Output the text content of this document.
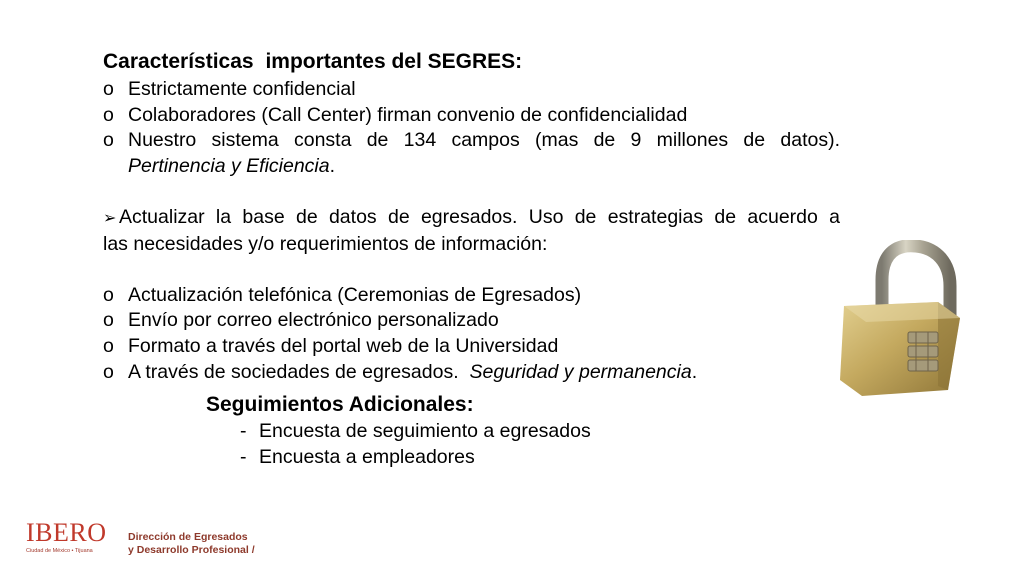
Características importantes del SEGRES:
o Estrictamente confidencial
o Colaboradores (Call Center) firman convenio de confidencialidad
o Nuestro sistema consta de 134 campos (mas de 9 millones de datos).
Pertinencia y Eficiencia.
➢ Actualizar la base de datos de egresados. Uso de estrategias de acuerdo a
las necesidades y/o requerimientos de información:
o Actualización telefónica (Ceremonias de Egresados)
o Envío por correo electrónico personalizado
o Formato a través del portal web de la Universidad
o A través de sociedades de egresados. Seguridad y permanencia.
Seguimientos Adicionales:
- Encuesta de seguimiento a egresados
- Encuesta a empleadores
IBERO
Ciudad de México • Tijuana
Dirección de Egresados
y Desarrollo Profesional /
